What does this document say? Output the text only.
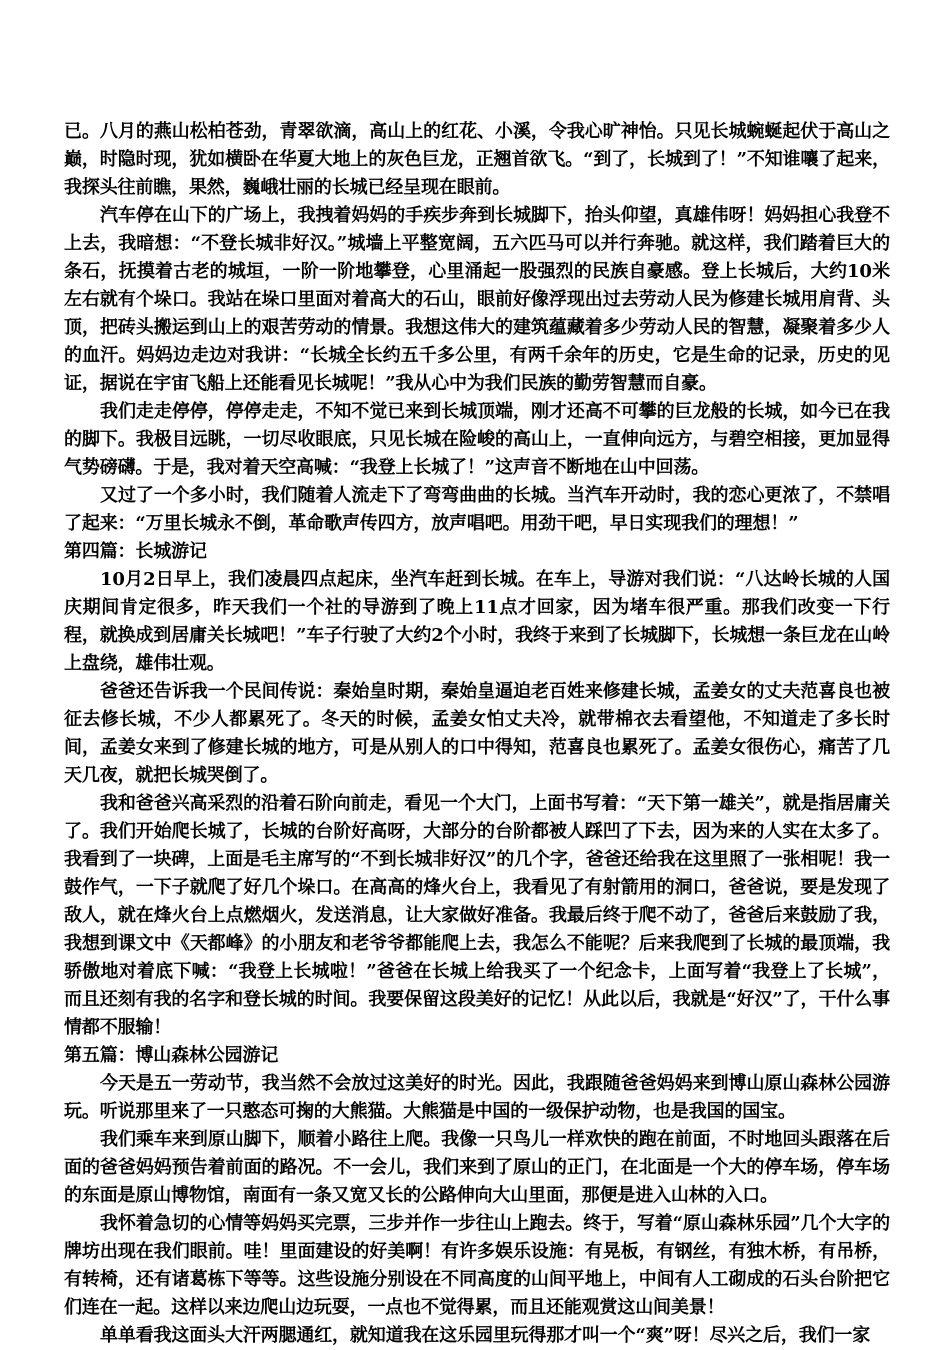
已。八月的燕山松柏苍劲，青翠欲滴，高山上的红花、小溪，令我心旷神怡。只见长城蜿蜒起伏于高山之巅，时隐时现，犹如横卧在华夏大地上的灰色巨龙，正翘首欲飞。“到了，长城到了！”不知谁嚷了起来，我探头往前瞧，果然，巍峨壮丽的长城已经呈现在眼前。

汽车停在山下的广场上，我拽着妈妈的手疾步奔到长城脚下，抬头仰望，真雄伟呀！妈妈担心我登不上去，我暗想：“不登长城非好汉。”城墙上平整宽阔，五六匹马可以并行奔驰。就这样，我们踏着巨大的条石，抚摸着古老的城垣，一阶一阶地攀登，心里涌起一股强烈的民族自豪感。登上长城后，大约10米左右就有个垛口。我站在垛口里面对着高大的石山，眼前好像浮现出过去劳动人民为修建长城用肩背、头顶，把砖头搬运到山上的艰苦劳动的情景。我想这伟大的建筑蕴藏着多少劳动人民的智慧，凝聚着多少人的血汗。妈妈边走边对我讲：“长城全长约五千多公里，有两千余年的历史，它是生命的记录，历史的见证，据说在宇宙飞船上还能看见长城呢！”我从心中为我们民族的勤劳智慧而自豪。

我们走走停停，停停走走，不知不觉已来到长城顶端，刚才还高不可攀的巨龙般的长城，如今已在我的脚下。我极目远眺，一切尽收眼底，只见长城在险峻的高山上，一直伸向远方，与碧空相接，更加显得气势磅礴。于是，我对着天空高喊：“我登上长城了！”这声音不断地在山中回荡。

又过了一个多小时，我们随着人流走下了弯弯曲曲的长城。当汽车开动时，我的恋心更浓了，不禁唱了起来：“万里长城永不倒，革命歌声传四方，放声唱吧。用劲干吧，早日实现我们的理想！”

第四篇：长城游记

10月2日早上，我们凌晨四点起床，坐汽车赶到长城。在车上，导游对我们说：“八达岭长城的人国庆期间肯定很多，昨天我们一个社的导游到了晚上11点才回家，因为堵车很严重。那我们改变一下行程，就换成到居庸关长城吧！”车子行驶了大约2个小时，我终于来到了长城脚下，长城想一条巨龙在山岭上盘绕，雄伟壮观。

爸爸还告诉我一个民间传说：秦始皇时期，秦始皇逼迫老百姓来修建长城，孟姜女的丈夫范喜良也被征去修长城，不少人都累死了。冬天的时候，孟姜女怕丈夫冷，就带棉衣去看望他，不知道走了多长时间，孟姜女来到了修建长城的地方，可是从别人的口中得知，范喜良也累死了。孟姜女很伤心，痛苦了几天几夜，就把长城哭倒了。

我和爸爸兴高采烈的沿着石阶向前走，看见一个大门，上面书写着：“天下第一雄关”，就是指居庸关了。我们开始爬长城了，长城的台阶好高呀，大部分的台阶都被人踩凹了下去，因为来的人实在太多了。我看到了一块碑，上面是毛主席写的“不到长城非好汉”的几个字，爸爸还给我在这里照了一张相呢！我一鼓作气，一下子就爬了好几个垛口。在高高的烽火台上，我看见了有射箭用的洞口，爸爸说，要是发现了敌人，就在烽火台上点燃烟火，发送消息，让大家做好准备。我最后终于爬不动了，爸爸后来鼓励了我，我想到课文中《天都峰》的小朋友和老爷爷都能爬上去，我怎么不能呢？后来我爬到了长城的最顶端，我骄傲地对着底下喊：“我登上长城啦！”爸爸在长城上给我买了一个纪念卡，上面写着“我登上了长城”，而且还刻有我的名字和登长城的时间。我要保留这段美好的记忆！从此以后，我就是“好汉”了，干什么事情都不服输！

第五篇：博山森林公园游记

今天是五一劳动节，我当然不会放过这美好的时光。因此，我跟随爸爸妈妈来到博山原山森林公园游玩。听说那里来了一只憨态可掬的大熊猫。大熊猫是中国的一级保护动物，也是我国的国宝。

我们乘车来到原山脚下，顺着小路往上爬。我像一只鸟儿一样欢快的跑在前面，不时地回头跟落在后面的爸爸妈妈预告着前面的路况。不一会儿，我们来到了原山的正门，在北面是一个大的停车场，停车场的东面是原山博物馆，南面有一条又宽又长的公路伸向大山里面，那便是进入山林的入口。

我怀着急切的心情等妈妈买完票，三步并作一步往山上跑去。终于，写着“原山森林乐园”几个大字的牌坊出现在我们眼前。哇！里面建设的好美啊！有许多娱乐设施：有晃板，有钢丝，有独木桥，有吊桥，有转椅，还有诸葛栋下等等。这些设施分别设在不同高度的山间平地上，中间有人工砌成的石头台阶把它们连在一起。这样以来边爬山边玩耍，一点也不觉得累，而且还能观赏这山间美景！

单单看我这面头大汗两腮通红，就知道我在这乐园里玩得那才叫一个“爽”呀！尽兴之后，我们一家
